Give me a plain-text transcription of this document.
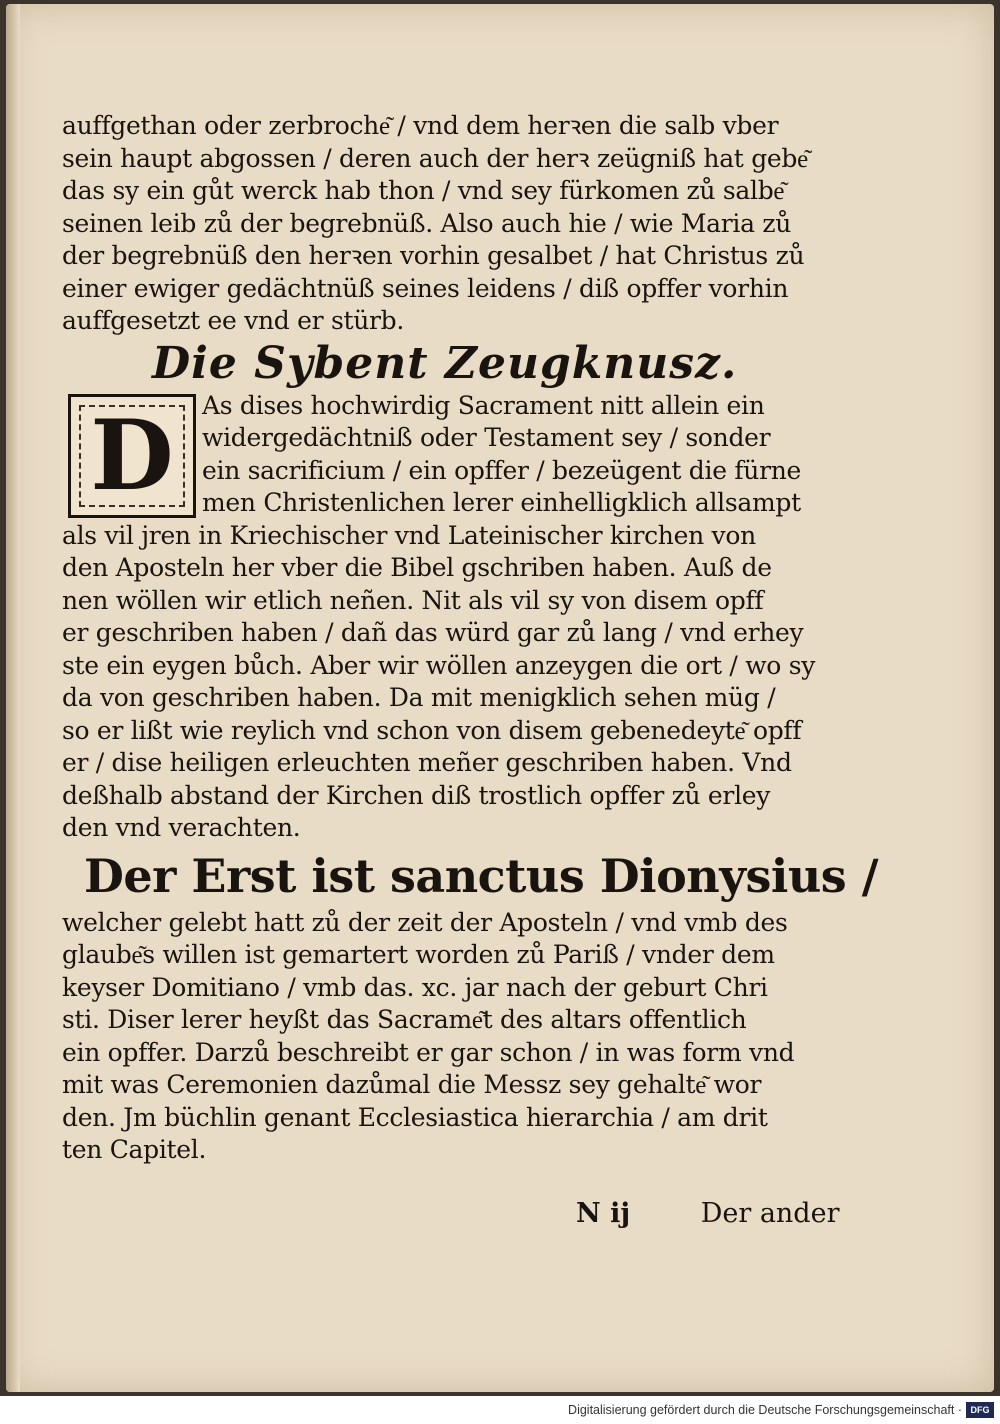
auffgethan oder zerbroche͂ / vnd dem herꝛen die salb vber
sein haupt abgossen / deren auch der herꝛ zeügniß hat gebe͂
das sy ein gůt werck hab thon / vnd sey fürkomen zů salbe͂
seinen leib zů der begrebnüß. Also auch hie / wie Maria zů
der begrebnüß den herꝛen vorhin gesalbet / hat Christus zů
einer ewiger gedächtnüß seines leidens / diß opffer vorhin
auffgesetzt ee vnd er stürb.
Die Sybent Zeugknusz.
D	As dises hochwirdig Sacrament nitt allein ein
widergedächtniß oder Testament sey / sonder
ein sacrificium / ein opffer / bezeügent die fürne
men Christenlichen lerer einhelligklich allsampt
als vil jren in Kriechischer vnd Lateinischer kirchen von
den Aposteln her vber die Bibel gschriben haben. Auß de
nen wöllen wir etlich neñen. Nit als vil sy von disem opff
er geschriben haben / dañ das würd gar zů lang / vnd erhey
ste ein eygen bůch. Aber wir wöllen anzeygen die ort / wo sy
da von geschriben haben. Da mit menigklich sehen müg /
so er lißt wie reylich vnd schon von disem gebenedeyte͂ opff
er / dise heiligen erleuchten meñer geschriben haben. Vnd
deßhalb abstand der Kirchen diß trostlich opffer zů erley
den vnd verachten.
Der Erst ist sanctus Dionysius /
welcher gelebt hatt zů der zeit der Aposteln / vnd vmb des
glaube͂s willen ist gemartert worden zů Pariß / vnder dem
keyser Domitiano / vmb das. xc. jar nach der geburt Chri
sti. Diser lerer heyßt das Sacrame͂t des altars offentlich
ein opffer. Darzů beschreibt er gar schon / in was form vnd
mit was Ceremonien dazůmal die Messz sey gehalte͂ wor
den. Jm büchlin genant Ecclesiastica hierarchia / am drit
ten Capitel.
N ij	Der ander
Digitalisierung gefördert durch die Deutsche Forschungsgemeinschaft · DFG
